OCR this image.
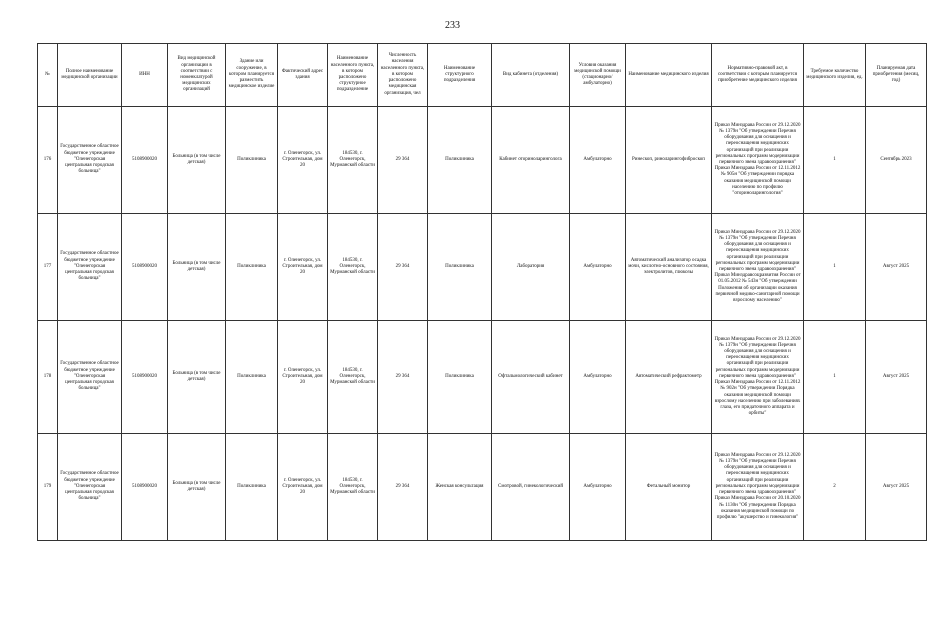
233
№	Полное наименование медицинской организации	ИНН	Вид медицинской организации в соответствии с номенклатурой медицинских организаций	Здание или сооружение, в котором планируется разместить медицинское изделие	Фактический адрес здания	Наименование населенного пункта, в котором расположено структурное подразделение	Численность населения населенного пункта, в котором расположено медицинская организация, чел	Наименование структурного подразделения	Вид кабинета (отделения)	Условия оказания медицинской помощи (стационарно/амбулаторно)	Наименование медицинского изделия	Нормативно-правовой акт, в соответствии с которым планируется приобретение медицинского изделия	Требуемое количество медицинского изделия, ед.	Планируемая дата приобретения (месяц, год)
176	Государственное областное бюджетное учреждение "Оленегорская центральная городская больница"	5108900020	Больница (в том числе детская)	Поликлиника	г. Оленегорск, ул. Строительная, дом 20	184530, г. Оленегорск, Мурманской области	29 364	Поликлиника	Кабинет оториноларинголога	Амбулаторно	Ринескоп, риноларингофиброскоп	Приказ Минздрава России от 29.12.2020 № 1379н "Об утверждении Перечня оборудования для оснащения и переоснащения медицинских организаций при реализации региональных программ модернизации первичного звена здравоохранения" Приказ Минздрава России от 12.11.2012 № 905н "Об утверждении порядка оказания медицинской помощи населению по профилю "оториноларингология"	1	Сентябрь 2023
177	Государственное областное бюджетное учреждение "Оленегорская центральная городская больница"	5108900020	Больница (в том числе детская)	Поликлиника	г. Оленегорск, ул. Строительная, дом 20	184530, г. Оленегорск, Мурманской области	29 364	Поликлиника	Лаборатория	Амбулаторно	Автоматический анализатор осадка мочи, кислотно-основного состояния, электролитов, глюкозы	Приказ Минздрава России от 29.12.2020 № 1379н "Об утверждении Перечня оборудования для оснащения и переоснащения медицинских организаций при реализации региональных программ модернизации первичного звена здравоохранения" Приказ Минздравсоцразвития России от 01.05.2012 № 543н "Об утверждении Положения об организации оказания первичной медико-санитарной помощи взрослому населению"	1	Август 2025
178	Государственное областное бюджетное учреждение "Оленегорская центральная городская больница"	5108900020	Больница (в том числе детская)	Поликлиника	г. Оленегорск, ул. Строительная, дом 20	184530, г. Оленегорск, Мурманской области	29 364	Поликлиника	Офтальмологический кабинет	Амбулаторно	Автоматический рефрактометр	Приказ Минздрава России от 29.12.2020 № 1379н "Об утверждении Перечня оборудования для оснащения и переоснащения медицинских организаций при реализации региональных программ модернизации первичного звена здравоохранения" Приказ Минздрава России от 12.11.2012 № 902н "Об утверждении Порядка оказания медицинской помощи взрослому населению при заболеваниях глаза, его придаточного аппарата и орбиты"	1	Август 2025
179	Государственное областное бюджетное учреждение "Оленегорская центральная городская больница"	5108900020	Больница (в том числе детская)	Поликлиника	г. Оленегорск, ул. Строительная, дом 20	184530, г. Оленегорск, Мурманской области	29 364	Женская консультация	Смотровой, гинекологический	Амбулаторно	Фетальный монитор	Приказ Минздрава России от 29.12.2020 № 1379н "Об утверждении Перечня оборудования для оснащения и переоснащения медицинских организаций при реализации региональных программ модернизации первичного звена здравоохранения" Приказ Минздрава России от 20.10.2020 № 1130н "Об утверждении Порядка оказания медицинской помощи по профилю "акушерство и гинекология"	2	Август 2025
